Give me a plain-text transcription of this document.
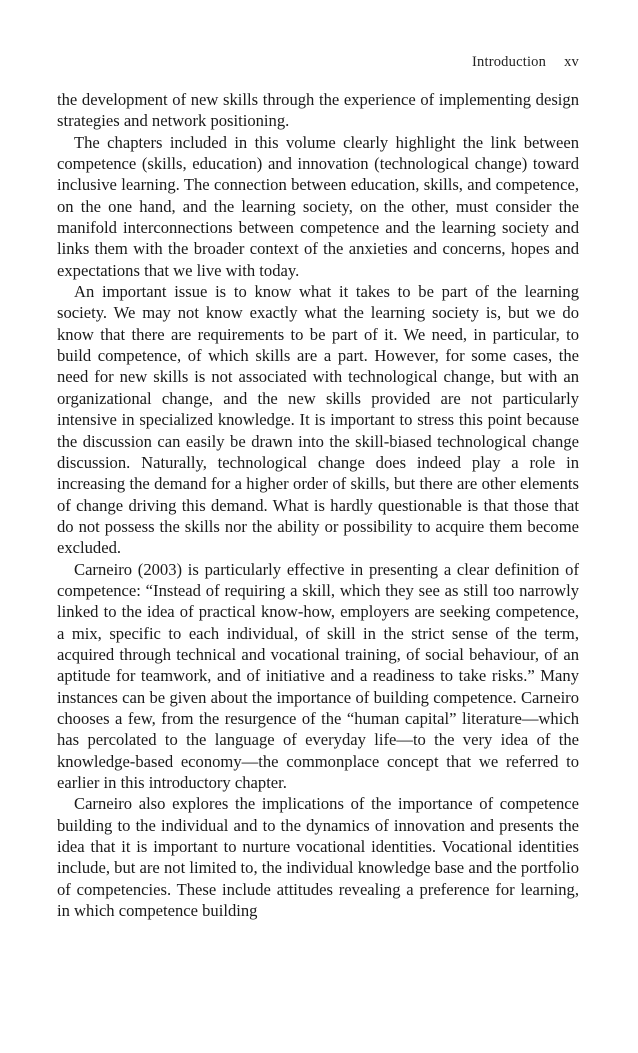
Introduction xv

the development of new skills through the experience of implementing design strategies and network positioning.

The chapters included in this volume clearly highlight the link between competence (skills, education) and innovation (technological change) toward inclusive learning. The connection between education, skills, and competence, on the one hand, and the learning society, on the other, must consider the manifold interconnections between competence and the learning society and links them with the broader context of the anxieties and concerns, hopes and expectations that we live with today.

An important issue is to know what it takes to be part of the learning society. We may not know exactly what the learning society is, but we do know that there are requirements to be part of it. We need, in particular, to build competence, of which skills are a part. However, for some cases, the need for new skills is not associated with technological change, but with an organizational change, and the new skills provided are not particularly intensive in specialized knowledge. It is important to stress this point because the discussion can easily be drawn into the skill-biased technological change discussion. Naturally, technological change does indeed play a role in increasing the demand for a higher order of skills, but there are other elements of change driving this demand. What is hardly questionable is that those that do not possess the skills nor the ability or possibility to acquire them become excluded.

Carneiro (2003) is particularly effective in presenting a clear definition of competence: “Instead of requiring a skill, which they see as still too narrowly linked to the idea of practical know-how, employers are seeking competence, a mix, specific to each individual, of skill in the strict sense of the term, acquired through technical and vocational training, of social behaviour, of an aptitude for teamwork, and of initiative and a readiness to take risks.” Many instances can be given about the importance of building competence. Carneiro chooses a few, from the resurgence of the “human capital” literature—which has percolated to the language of everyday life—to the very idea of the knowledge-based economy—the commonplace concept that we referred to earlier in this introductory chapter.

Carneiro also explores the implications of the importance of competence building to the individual and to the dynamics of innovation and presents the idea that it is important to nurture vocational identities. Vocational identities include, but are not limited to, the individual knowledge base and the portfolio of competencies. These include attitudes revealing a preference for learning, in which competence building
